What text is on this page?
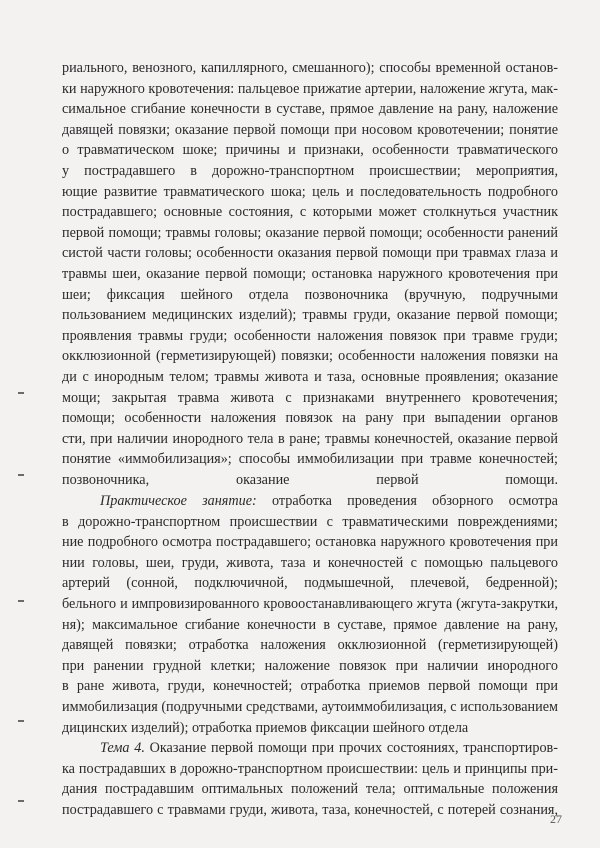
риального, венозного, капиллярного, смешанного); способы временной останов-
ки наружного кровотечения: пальцевое прижатие артерии, наложение жгута, мак-
симальное сгибание конечности в суставе, прямое давление на рану, наложение
давящей повязки; оказание первой помощи при носовом кровотечении; понятие
о травматическом шоке; причины и признаки, особенности травматического
у пострадавшего в дорожно-транспортном происшествии; мероприятия,
ющие развитие травматического шока; цель и последовательность подробного
пострадавшего; основные состояния, с которыми может столкнуться участник
первой помощи; травмы головы; оказание первой помощи; особенности ранений
систой части головы; особенности оказания первой помощи при травмах глаза и
травмы шеи, оказание первой помощи; остановка наружного кровотечения при
шеи; фиксация шейного отдела позвоночника (вручную, подручными
пользованием медицинских изделий); травмы груди, оказание первой помощи;
проявления травмы груди; особенности наложения повязок при травме груди;
окклюзионной (герметизирующей) повязки; особенности наложения повязки на
ди с инородным телом; травмы живота и таза, основные проявления; оказание
мощи; закрытая травма живота с признаками внутреннего кровотечения;
помощи; особенности наложения повязок на рану при выпадении органов
сти, при наличии инородного тела в ране; травмы конечностей, оказание первой
понятие «иммобилизация»; способы иммобилизации при травме конечностей;
позвоночника, оказание первой помощи.
Практическое занятие: отработка проведения обзорного осмотра
в дорожно-транспортном происшествии с травматическими повреждениями;
ние подробного осмотра пострадавшего; остановка наружного кровотечения при
нии головы, шеи, груди, живота, таза и конечностей с помощью пальцевого
артерий (сонной, подключичной, подмышечной, плечевой, бедренной);
бельного и импровизированного кровоостанавливающего жгута (жгута-закрутки,
ня); максимальное сгибание конечности в суставе, прямое давление на рану,
давящей повязки; отработка наложения окклюзионной (герметизирующей)
при ранении грудной клетки; наложение повязок при наличии инородного
в ране живота, груди, конечностей; отработка приемов первой помощи при
иммобилизация (подручными средствами, аутоиммобилизация, с использованием
дицинских изделий); отработка приемов фиксации шейного отдела
Тема 4. Оказание первой помощи при прочих состояниях, транспортиров-
ка пострадавших в дорожно-транспортном происшествии: цель и принципы при-
дания пострадавшим оптимальных положений тела; оптимальные положения
пострадавшего с травмами груди, живота, таза, конечностей, с потерей сознания,
27
